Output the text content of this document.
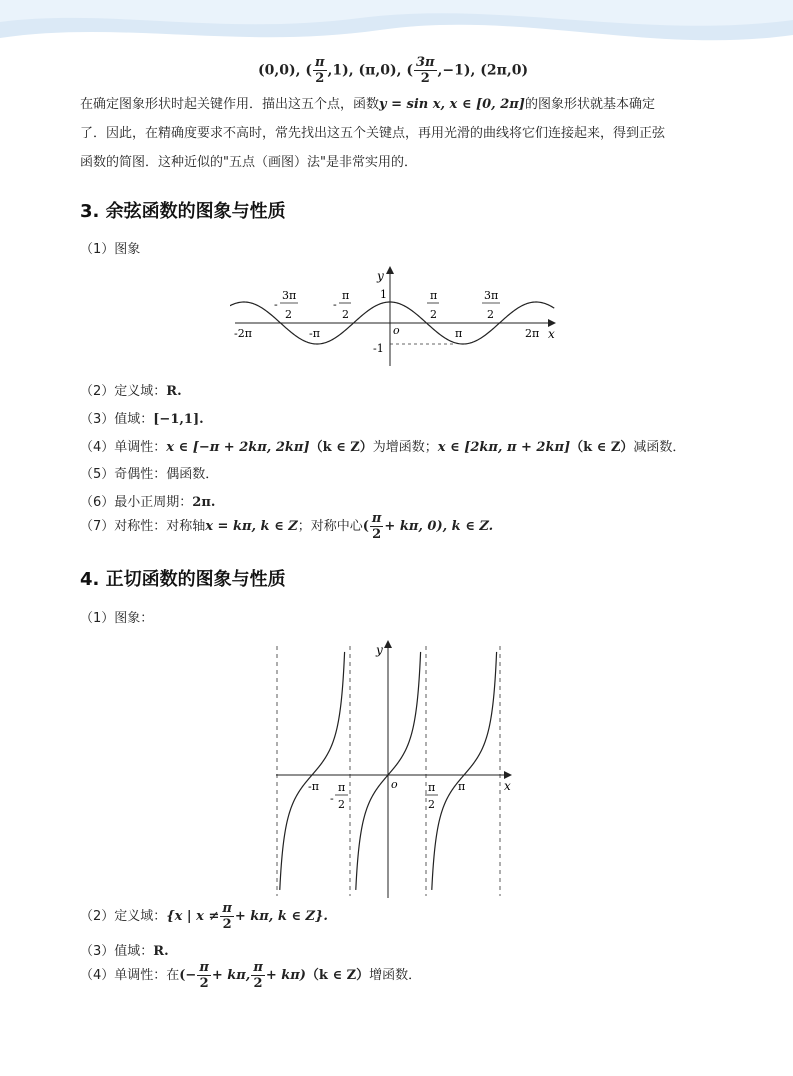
(0,0), ( $\frac{\pi}{2} ,1$), (π,0), ( $\frac{3\pi}{2} ,-1$), (2π,0)
在确定图象形状时起关键作用．描出这五个点，函数y = sin x, x ∈ [0, 2π]的图象形状就基本确定
了．因此，在精确度要求不高时，常先找出这五个关键点，再用光滑的曲线将它们连接起来，得到正弦
函数的简图．这种近似的"五点（画图）法"是非常实用的．
3. 余弦函数的图象与性质
（1）图象
y
x
o
1
-1
-2π	-π	π	2π
-
3π
2
-
π
2
π
2
3π
2
（2）定义域：R.
（3）值域：[−1,1].
（4）单调性：x ∈ [−π + 2kπ, 2kπ]（k ∈ Z）为增函数；x ∈ [2kπ, π + 2kπ]（k ∈ Z）减函数．
（5）奇偶性：偶函数．
（6）最小正周期：2π.
（7）对称性：对称轴x = kπ, k ∈ Z；对称中心( $\frac{\pi}{2} + k\pi$, 0), k ∈ Z.
4. 正切函数的图象与性质
（1）图象：
y
x
o
-π	π
-
π
2
π
2
（2）定义域：{x | $x \ne \frac{\pi}{2} + k\pi$, k ∈ Z}.
（3）值域：R.
（4）单调性：在(− $\frac{\pi}{2} + k\pi$, $\frac{\pi}{2} + k\pi)(k$ ∈ Z）增函数．
